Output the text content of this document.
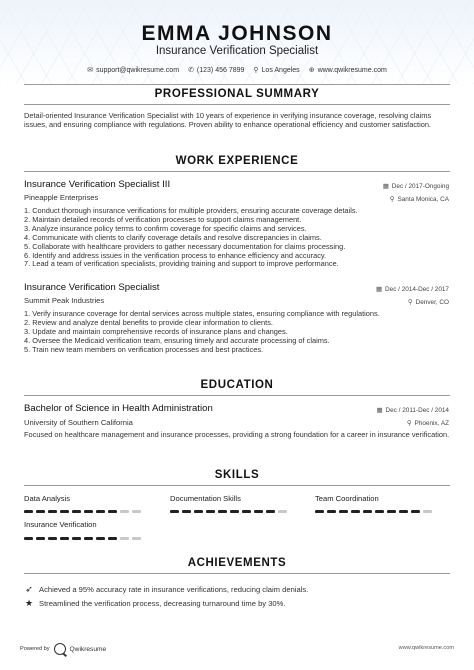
EMMA JOHNSON
Insurance Verification Specialist
✉ support@qwikresume.com ✆ (123) 456 7899 ⚲ Los Angeles ⊕ www.qwikresume.com
PROFESSIONAL SUMMARY
Detail-oriented Insurance Verification Specialist with 10 years of experience in verifying insurance coverage, resolving claims issues, and ensuring compliance with regulations. Proven ability to enhance operational efficiency and customer satisfaction.
WORK EXPERIENCE
Insurance Verification Specialist III	▦ Dec / 2017-Ongoing
Pineapple Enterprises	⚲ Santa Monica, CA
1. Conduct thorough insurance verifications for multiple providers, ensuring accurate coverage details.
2. Maintain detailed records of verification processes to support claims management.
3. Analyze insurance policy terms to confirm coverage for specific claims and services.
4. Communicate with clients to clarify coverage details and resolve discrepancies in claims.
5. Collaborate with healthcare providers to gather necessary documentation for claims processing.
6. Identify and address issues in the verification process to enhance efficiency and accuracy.
7. Lead a team of verification specialists, providing training and support to improve performance.
Insurance Verification Specialist	▦ Dec / 2014-Dec / 2017
Summit Peak Industries	⚲ Denver, CO
1. Verify insurance coverage for dental services across multiple states, ensuring compliance with regulations.
2. Review and analyze dental benefits to provide clear information to clients.
3. Update and maintain comprehensive records of insurance plans and changes.
4. Oversee the Medicaid verification team, ensuring timely and accurate processing of claims.
5. Train new team members on verification processes and best practices.
EDUCATION
Bachelor of Science in Health Administration	▦ Dec / 2011-Dec / 2014
University of Southern California	⚲ Phoenix, AZ
Focused on healthcare management and insurance processes, providing a strong foundation for a career in insurance verification.
SKILLS
Data Analysis	Documentation Skills	Team Coordination
Insurance Verification
ACHIEVEMENTS
➶ Achieved a 95% accuracy rate in insurance verifications, reducing claim denials.
★ Streamlined the verification process, decreasing turnaround time by 30%.
Powered by	Qwikresume	www.qwikresume.com
